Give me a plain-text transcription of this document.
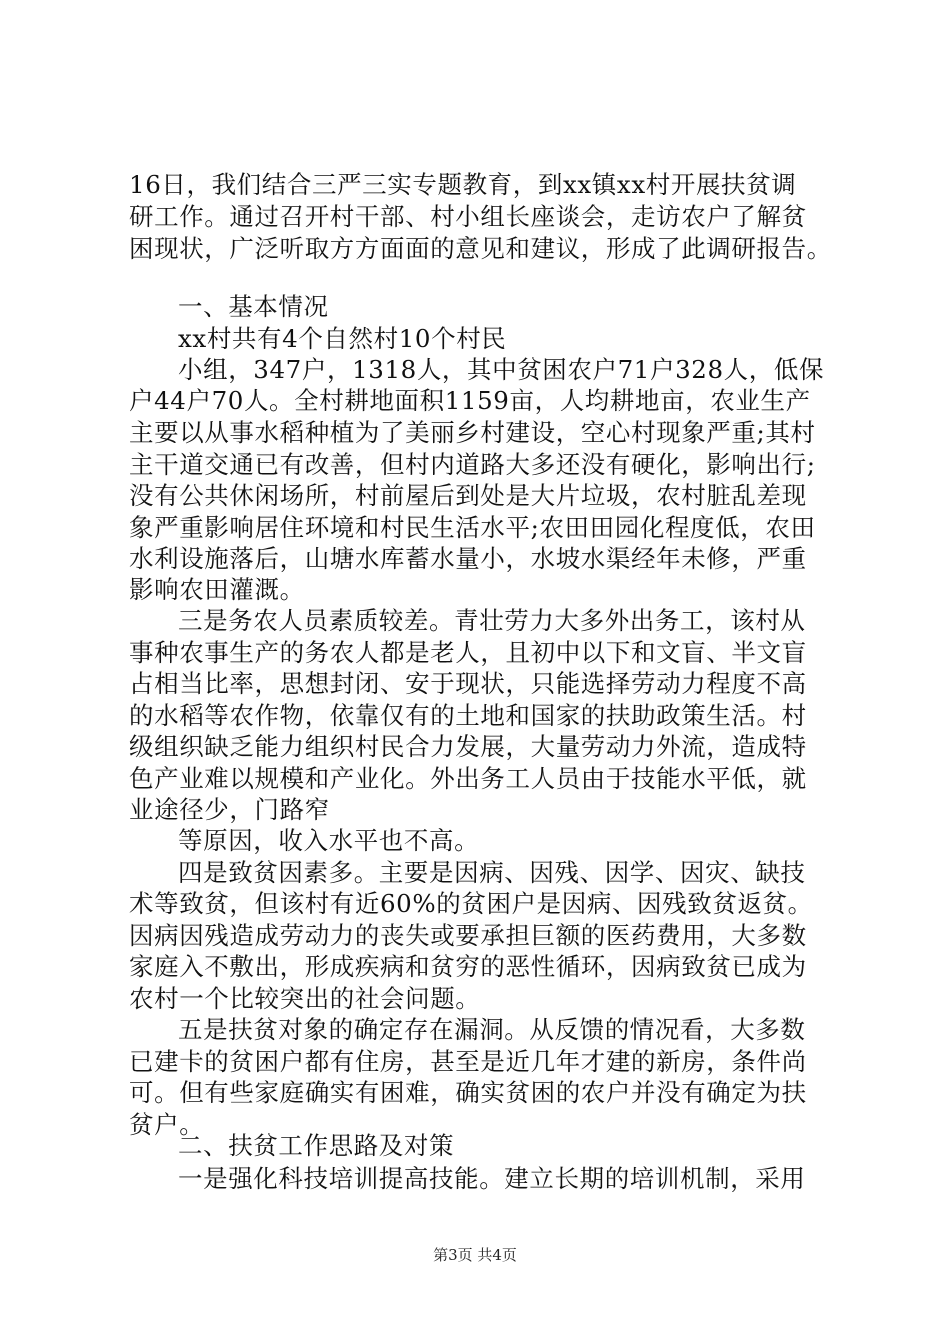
16日，我们结合三严三实专题教育，到xx镇xx村开展扶贫调
研工作。通过召开村干部、村小组长座谈会，走访农户了解贫
困现状，广泛听取方方面面的意见和建议，形成了此调研报告。
一、基本情况
xx村共有4个自然村10个村民
小组，347户，1318人，其中贫困农户71户328人，低保
户44户70人。全村耕地面积1159亩，人均耕地亩，农业生产
主要以从事水稻种植为了美丽乡村建设，空心村现象严重;其村
主干道交通已有改善，但村内道路大多还没有硬化，影响出行;
没有公共休闲场所，村前屋后到处是大片垃圾，农村脏乱差现
象严重影响居住环境和村民生活水平;农田田园化程度低，农田
水利设施落后，山塘水库蓄水量小，水坡水渠经年未修，严重
影响农田灌溉。
三是务农人员素质较差。青壮劳力大多外出务工，该村从
事种农事生产的务农人都是老人，且初中以下和文盲、半文盲
占相当比率，思想封闭、安于现状，只能选择劳动力程度不高
的水稻等农作物，依靠仅有的土地和国家的扶助政策生活。村
级组织缺乏能力组织村民合力发展，大量劳动力外流，造成特
色产业难以规模和产业化。外出务工人员由于技能水平低，就
业途径少，门路窄
等原因，收入水平也不高。
四是致贫因素多。主要是因病、因残、因学、因灾、缺技
术等致贫，但该村有近60%的贫困户是因病、因残致贫返贫。
因病因残造成劳动力的丧失或要承担巨额的医药费用，大多数
家庭入不敷出，形成疾病和贫穷的恶性循环，因病致贫已成为
农村一个比较突出的社会问题。
五是扶贫对象的确定存在漏洞。从反馈的情况看，大多数
已建卡的贫困户都有住房，甚至是近几年才建的新房，条件尚
可。但有些家庭确实有困难，确实贫困的农户并没有确定为扶
贫户。
二、扶贫工作思路及对策
一是强化科技培训提高技能。建立长期的培训机制，采用
第3页 共4页
